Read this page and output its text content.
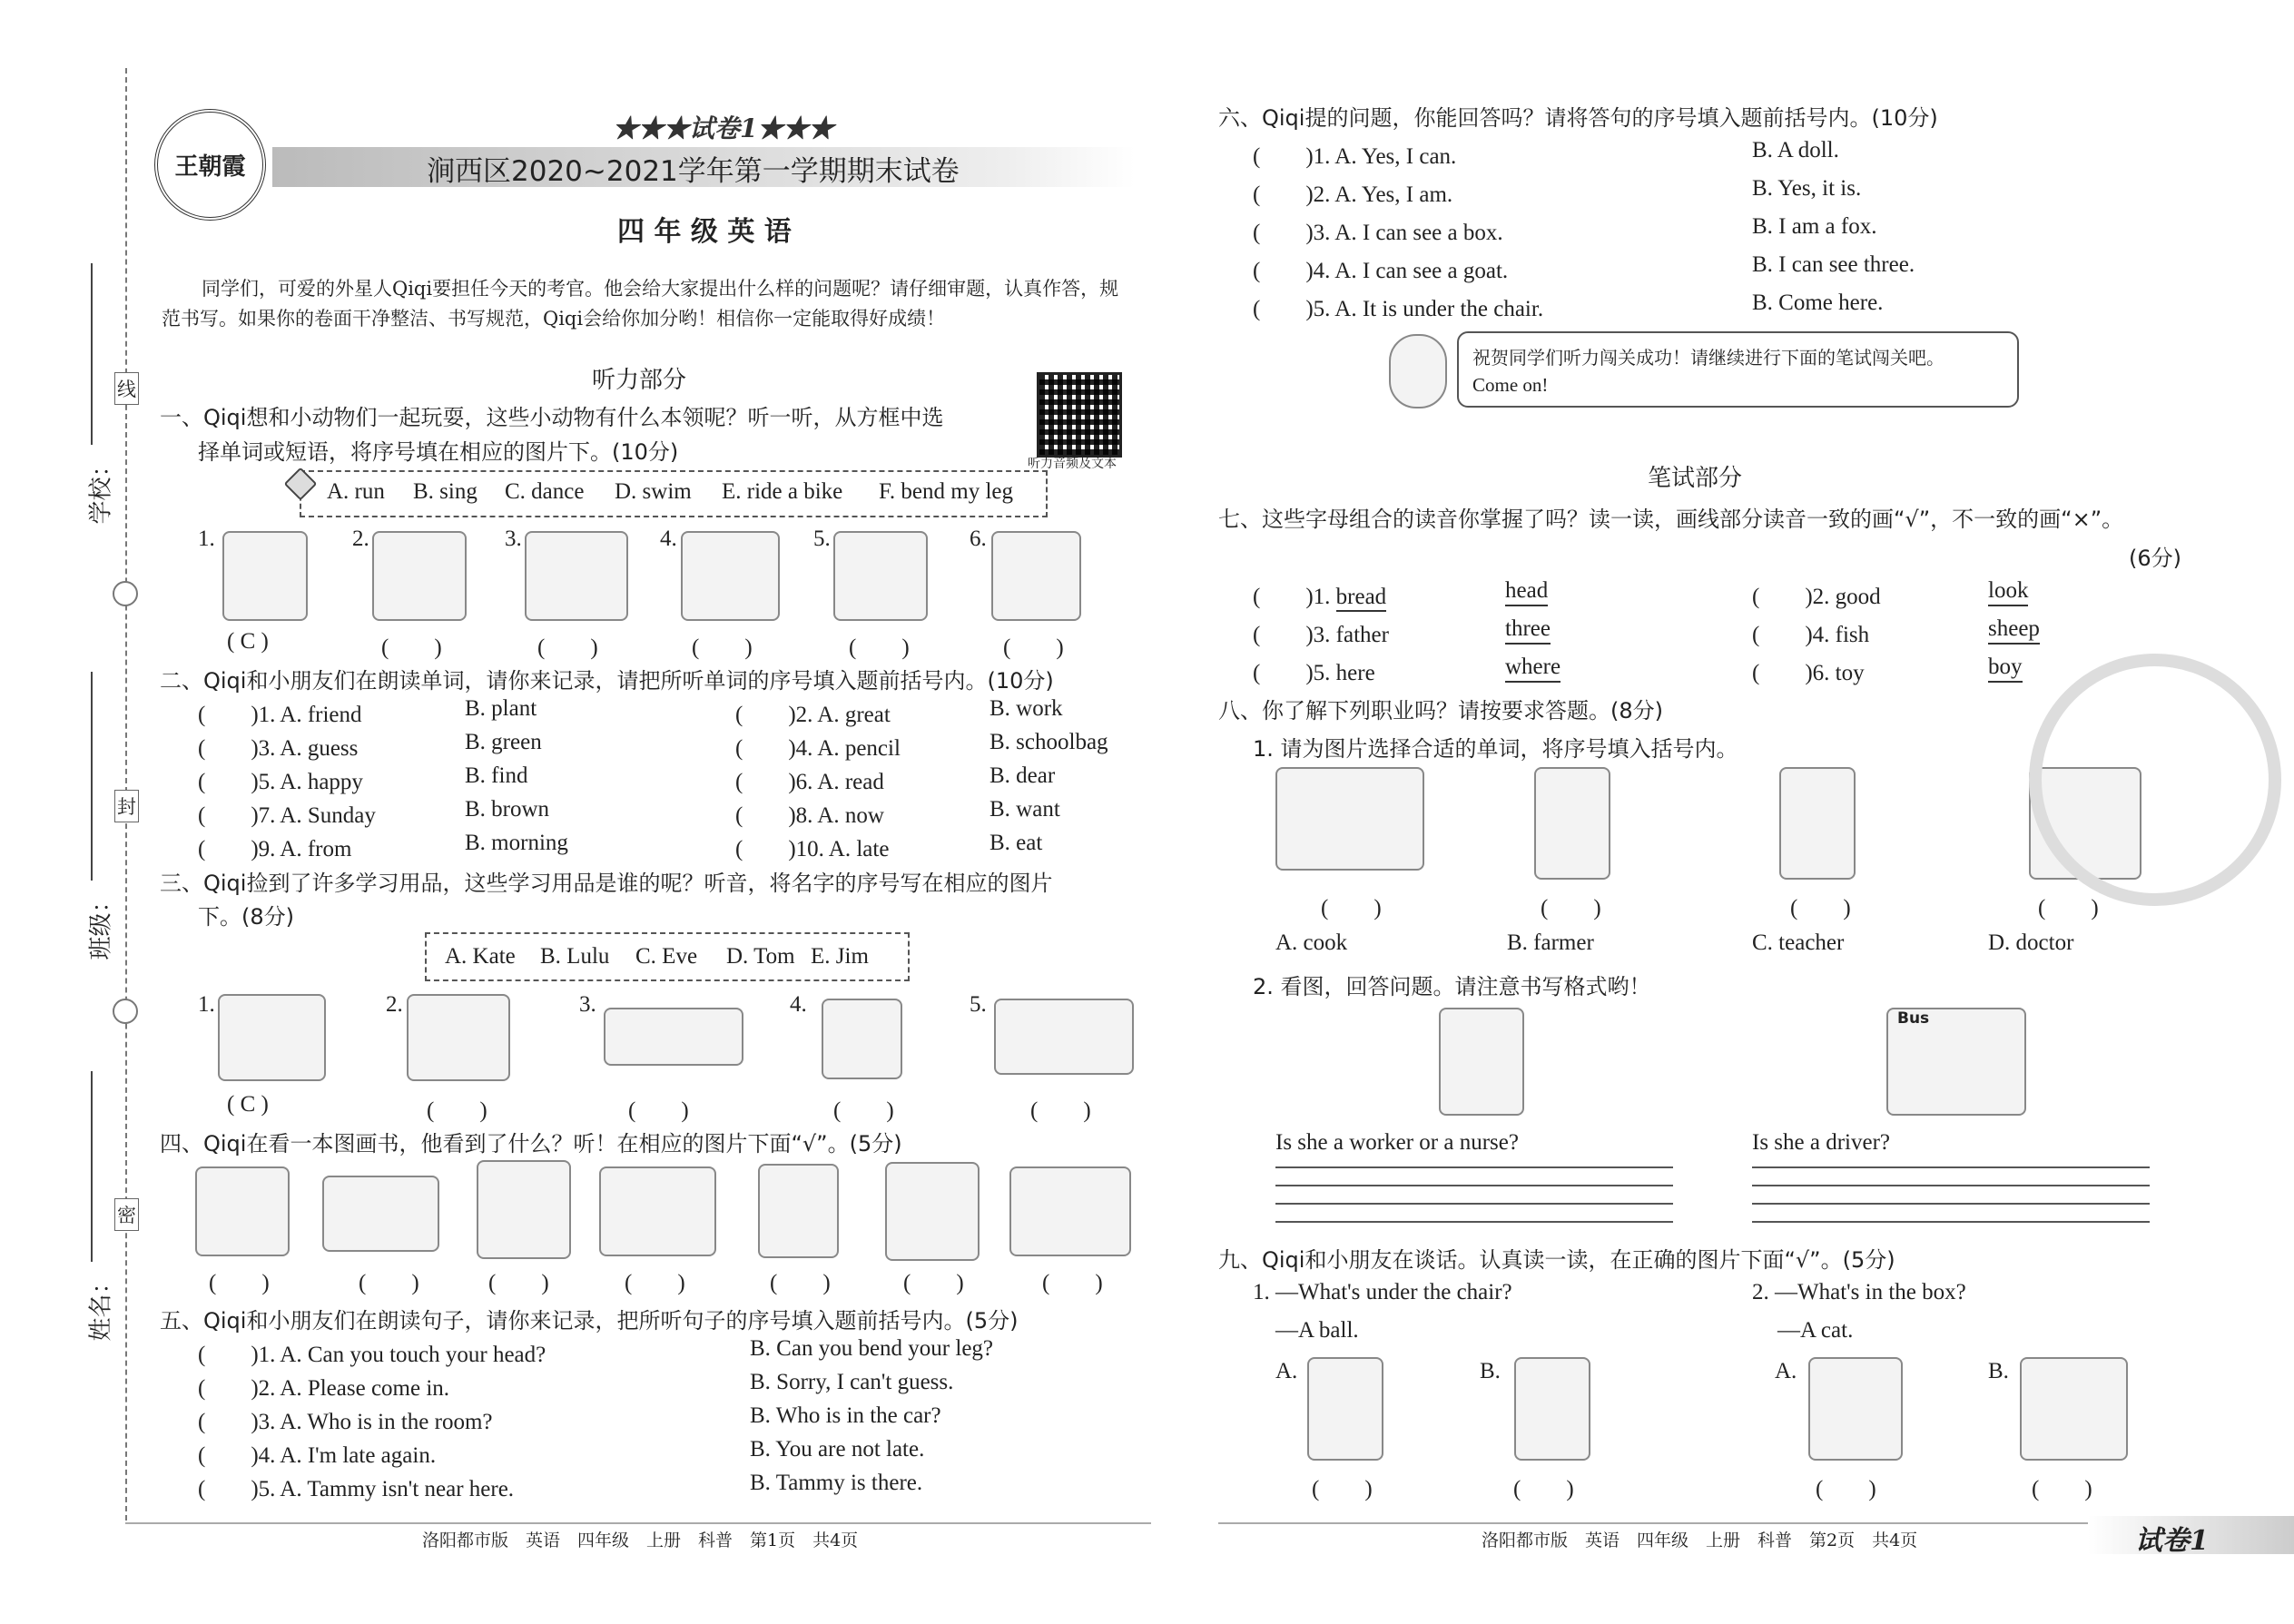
学校：
线
班级：
封
姓名：
密
王朝霞
★★★试卷1★★★
涧西区2020~2021学年第一学期期末试卷
四 年 级 英 语
同学们，可爱的外星人Qiqi要担任今天的考官。他会给大家提出什么样的问题呢？请仔细审题，认真作答，规
范书写。如果你的卷面干净整洁、书写规范，Qiqi会给你加分哟！相信你一定能取得好成绩！
听力部分
听力音频及文本
一、Qiqi想和小动物们一起玩耍，这些小动物有什么本领呢？听一听，从方框中选
择单词或短语，将序号填在相应的图片下。(10分)
A. run B. sing C. dance D. swim E. ride a bike F. bend my leg
1.
( C )
2.
(　　)
3.
(　　)
4.
(　　)
5.
(　　)
6.
(　　)
二、Qiqi和小朋友们在朗读单词，请你来记录，请把所听单词的序号填入题前括号内。(10分)
(　　)1. A. friend	B. plant	(　　)2. A. great	B. work
(　　)3. A. guess	B. green	(　　)4. A. pencil	B. schoolbag
(　　)5. A. happy	B. find	(　　)6. A. read	B. dear
(　　)7. A. Sunday	B. brown	(　　)8. A. now	B. want
(　　)9. A. from	B. morning	(　　)10. A. late	B. eat
三、Qiqi捡到了许多学习用品，这些学习用品是谁的呢？听音，将名字的序号写在相应的图片
下。(8分)
A. Kate B. Lulu C. Eve D. Tom E. Jim
1.
( C )
2.
(　　)
3.
(　　)
4.
(　　)
5.
(　　)
四、Qiqi在看一本图画书，他看到了什么？听！在相应的图片下面“√”。(5分)
(　　)	(　　)	(　　)	(　　)	(　　)	(　　)	(　　)
五、Qiqi和小朋友们在朗读句子，请你来记录，把所听句子的序号填入题前括号内。(5分)
(　　)1. A. Can you touch your head?	B. Can you bend your leg?
(　　)2. A. Please come in.	B. Sorry, I can't guess.
(　　)3. A. Who is in the room?	B. Who is in the car?
(　　)4. A. I'm late again.	B. You are not late.
(　　)5. A. Tammy isn't near here.	B. Tammy is there.
洛阳都市版　英语　四年级　上册　科普　第1页　共4页
六、Qiqi提的问题，你能回答吗？请将答句的序号填入题前括号内。(10分)
(　　)1. A. Yes, I can.	B. A doll.
(　　)2. A. Yes, I am.	B. Yes, it is.
(　　)3. A. I can see a box.	B. I am a fox.
(　　)4. A. I can see a goat.	B. I can see three.
(　　)5. A. It is under the chair.	B. Come here.
祝贺同学们听力闯关成功！请继续进行下面的笔试闯关吧。
Come on!
笔试部分
七、这些字母组合的读音你掌握了吗？读一读，画线部分读音一致的画“√”，不一致的画“×”。
(6分)
(　　)1. bread	head	(　　)2. good	look
(　　)3. father	three	(　　)4. fish	sheep
(　　)5. here	where	(　　)6. toy	boy
八、你了解下列职业吗？请按要求答题。(8分)
1. 请为图片选择合适的单词，将序号填入括号内。
(　　)	(　　)	(　　)	(　　)
A. cook	B. farmer	C. teacher	D. doctor
2. 看图，回答问题。请注意书写格式哟！
Bus
Is she a worker or a nurse?	Is she a driver?
九、Qiqi和小朋友在谈话。认真读一读，在正确的图片下面“√”。(5分)
1. —What's under the chair?
—A ball.
2. —What's in the box?
—A cat.
A.
(　　)
B.
(　　)
A.
(　　)
B.
(　　)
洛阳都市版　英语　四年级　上册　科普　第2页　共4页	试卷1
